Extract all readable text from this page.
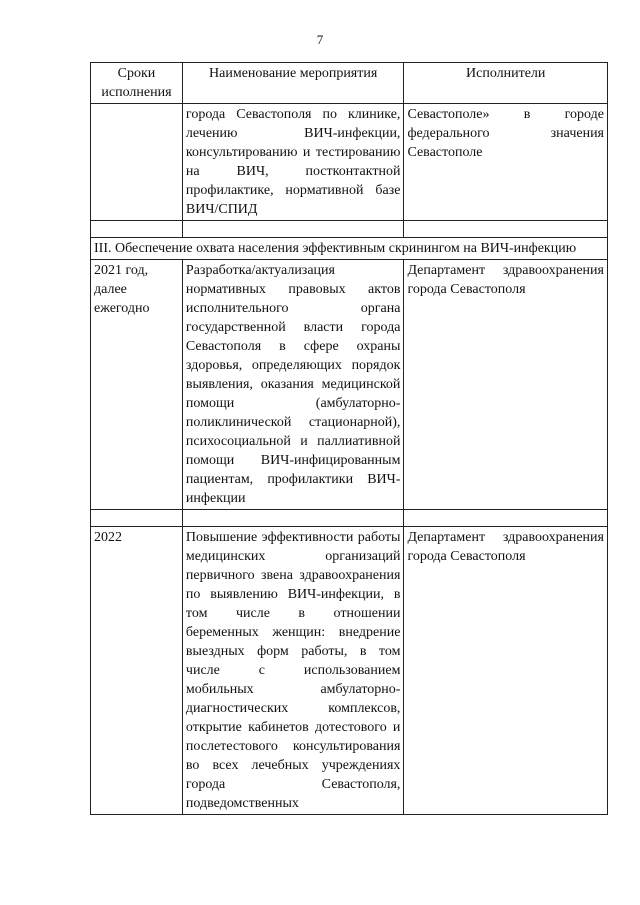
7
Сроки исполнения	Наименование мероприятия	Исполнители
	города Севастополя по клинике, лечению ВИЧ-инфекции, консультированию и тестированию на ВИЧ, постконтактной профилактике, нормативной базе ВИЧ/СПИД	Севастополе» в городе федерального значения Севастополе

III. Обеспечение охвата населения эффективным скринингом на ВИЧ-инфекцию		
2021 год, далее ежегодно	Разработка/актуализация нормативных правовых актов исполнительного органа государственной власти города Севастополя в сфере охраны здоровья, определяющих порядок выявления, оказания медицинской помощи (амбулаторно-поликлинической стационарной), психосоциальной и паллиативной помощи ВИЧ-инфицированным пациентам, профилактики ВИЧ-инфекции	Департамент здравоохранения города Севастополя

2022	Повышение эффективности работы медицинских организаций первичного звена здравоохранения по выявлению ВИЧ-инфекции, в том числе в отношении беременных женщин: внедрение выездных форм работы, в том числе с использованием мобильных амбулаторно-диагностических комплексов, открытие кабинетов дотестового и послетестового консультирования во всех лечебных учреждениях города Севастополя, подведомственных	Департамент здравоохранения города Севастополя
